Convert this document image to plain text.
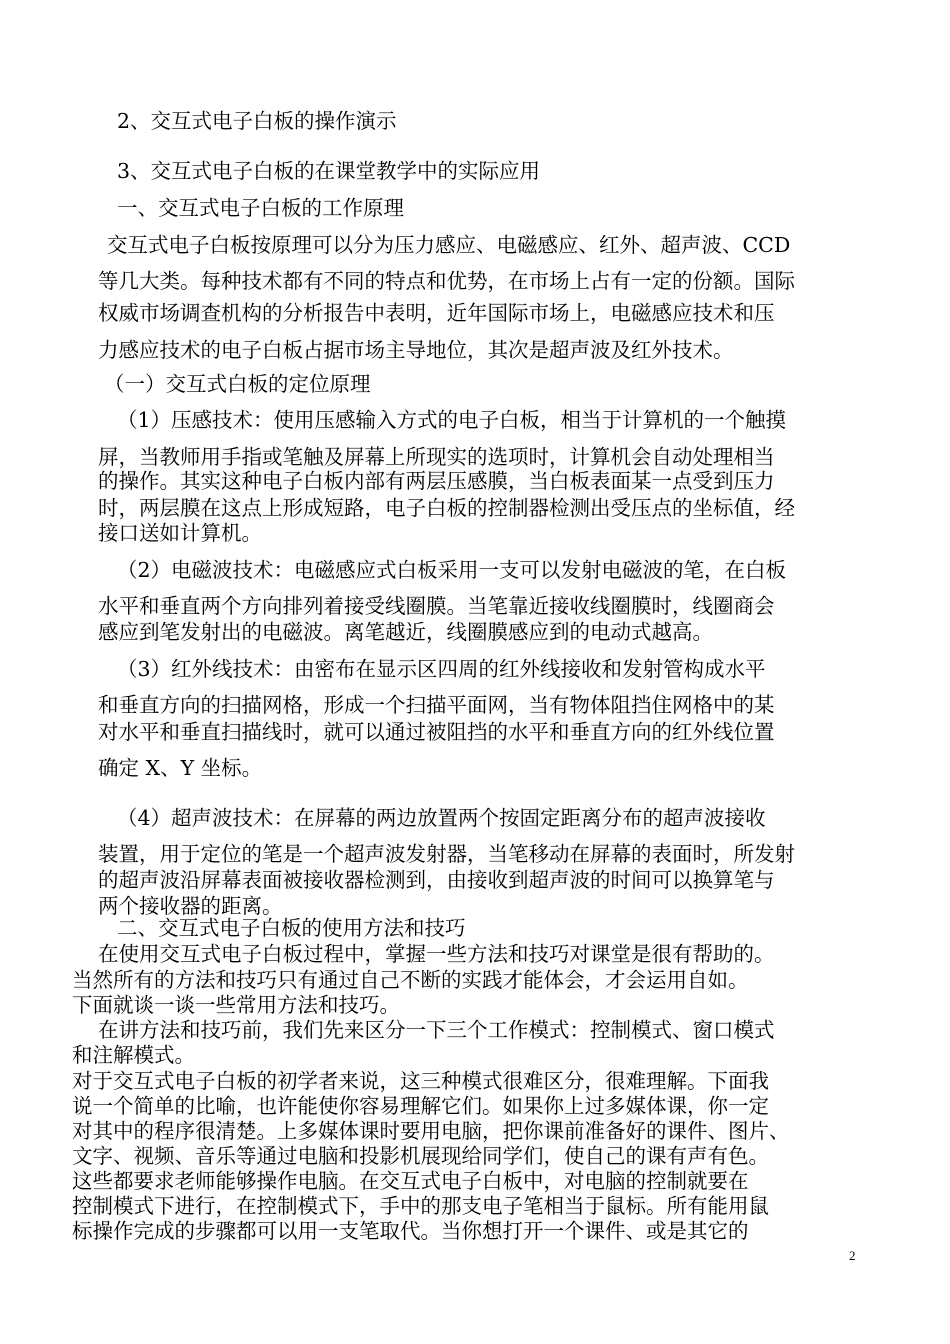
2、交互式电子白板的操作演示
3、交互式电子白板的在课堂教学中的实际应用
一、交互式电子白板的工作原理
交互式电子白板按原理可以分为压力感应、电磁感应、红外、超声波、CCD
等几大类。每种技术都有不同的特点和优势，在市场上占有一定的份额。国际
权威市场调查机构的分析报告中表明，近年国际市场上，电磁感应技术和压
力感应技术的电子白板占据市场主导地位，其次是超声波及红外技术。
（一）交互式白板的定位原理
（1）压感技术：使用压感输入方式的电子白板，相当于计算机的一个触摸
屏，当教师用手指或笔触及屏幕上所现实的选项时，计算机会自动处理相当
的操作。其实这种电子白板内部有两层压感膜，当白板表面某一点受到压力
时，两层膜在这点上形成短路，电子白板的控制器检测出受压点的坐标值，经
接口送如计算机。
（2）电磁波技术：电磁感应式白板采用一支可以发射电磁波的笔，在白板
水平和垂直两个方向排列着接受线圈膜。当笔靠近接收线圈膜时，线圈商会
感应到笔发射出的电磁波。离笔越近，线圈膜感应到的电动式越高。
（3）红外线技术：由密布在显示区四周的红外线接收和发射管构成水平
和垂直方向的扫描网格，形成一个扫描平面网，当有物体阻挡住网格中的某
对水平和垂直扫描线时，就可以通过被阻挡的水平和垂直方向的红外线位置
确定 X、Y 坐标。
（4）超声波技术：在屏幕的两边放置两个按固定距离分布的超声波接收
装置，用于定位的笔是一个超声波发射器，当笔移动在屏幕的表面时，所发射
的超声波沿屏幕表面被接收器检测到，由接收到超声波的时间可以换算笔与
两个接收器的距离。
二、交互式电子白板的使用方法和技巧
在使用交互式电子白板过程中，掌握一些方法和技巧对课堂是很有帮助的。
当然所有的方法和技巧只有通过自己不断的实践才能体会，才会运用自如。
下面就谈一谈一些常用方法和技巧。
在讲方法和技巧前，我们先来区分一下三个工作模式：控制模式、窗口模式
和注解模式。
对于交互式电子白板的初学者来说，这三种模式很难区分，很难理解。下面我
说一个简单的比喻，也许能使你容易理解它们。如果你上过多媒体课，你一定
对其中的程序很清楚。上多媒体课时要用电脑，把你课前准备好的课件、图片、
文字、视频、音乐等通过电脑和投影机展现给同学们，使自己的课有声有色。
这些都要求老师能够操作电脑。在交互式电子白板中，对电脑的控制就要在
控制模式下进行，在控制模式下，手中的那支电子笔相当于鼠标。所有能用鼠
标操作完成的步骤都可以用一支笔取代。当你想打开一个课件、或是其它的
2
